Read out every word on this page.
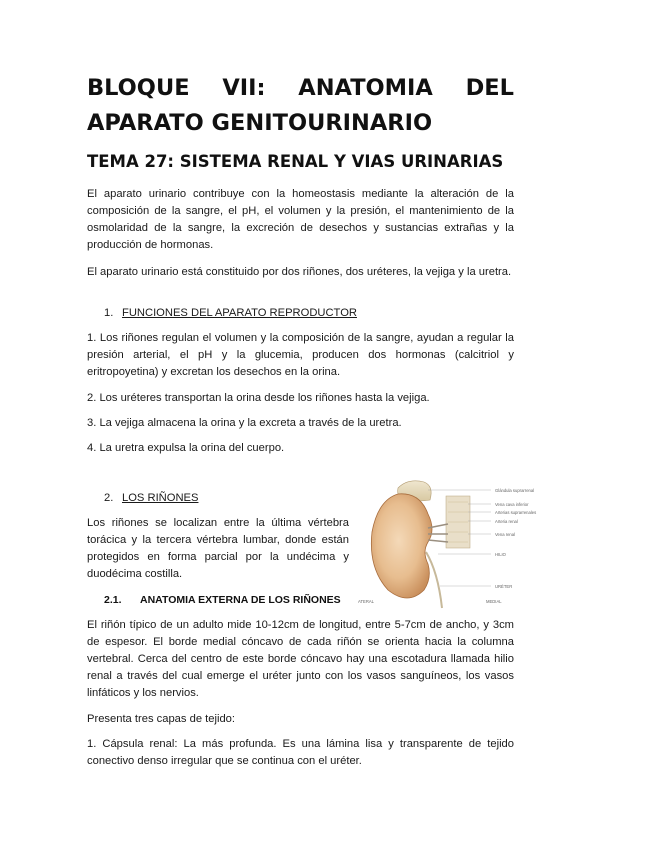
BLOQUE VII: ANATOMIA DEL
APARATO GENITOURINARIO
TEMA 27: SISTEMA RENAL Y VIAS URINARIAS

El aparato urinario contribuye con la homeostasis mediante la alteración de la composición de la sangre, el pH, el volumen y la presión, el mantenimiento de la osmolaridad de la sangre, la excreción de desechos y sustancias extrañas y la producción de hormonas.

El aparato urinario está constituido por dos riñones, dos uréteres, la vejiga y la uretra.

1. FUNCIONES DEL APARATO REPRODUCTOR

1. Los riñones regulan el volumen y la composición de la sangre, ayudan a regular la presión arterial, el pH y la glucemia, producen dos hormonas (calcitriol y eritropoyetina) y excretan los desechos en la orina.

2. Los uréteres transportan la orina desde los riñones hasta la vejiga.

3. La vejiga almacena la orina y la excreta a través de la uretra.

4. La uretra expulsa la orina del cuerpo.

2. LOS RIÑONES

Los riñones se localizan entre la última vértebra torácica y la tercera vértebra lumbar, donde están protegidos en forma parcial por la undécima y duodécima costilla.

Glándula suprarrenal
Vena cava inferior
Arterias suprarrenales
Arteria renal
Vena renal
HILIO
URÉTER
ATERAL	MEDIAL
2.1. ANATOMIA EXTERNA DE LOS RIÑONES

El riñón típico de un adulto mide 10-12cm de longitud, entre 5-7cm de ancho, y 3cm de espesor. El borde medial cóncavo de cada riñón se orienta hacia la columna vertebral. Cerca del centro de este borde cóncavo hay una escotadura llamada hilio renal a través del cual emerge el uréter junto con los vasos sanguíneos, los vasos linfáticos y los nervios.

Presenta tres capas de tejido:

1. Cápsula renal: La más profunda. Es una lámina lisa y transparente de tejido conectivo denso irregular que se continua con el uréter.
